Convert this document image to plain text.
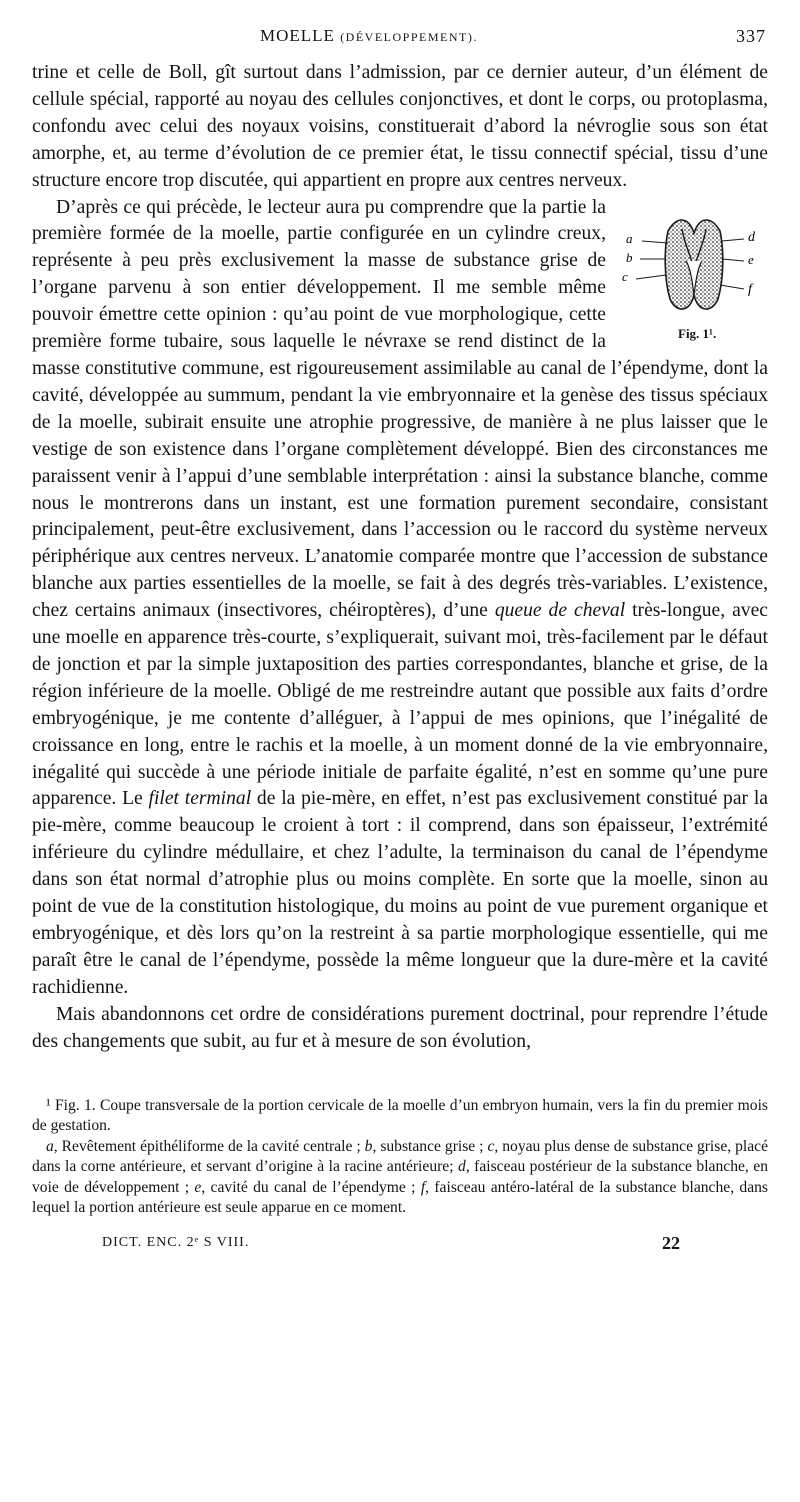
MOELLE (DÉVELOPPEMENT).	337

trine et celle de Boll, gît surtout dans l’admission, par ce dernier auteur, d’un élément de cellule spécial, rapporté au noyau des cellules conjonctives, et dont le corps, ou protoplasma, confondu avec celui des noyaux voisins, constituerait d’abord la névroglie sous son état amorphe, et, au terme d’évolution de ce premier état, le tissu connectif spécial, tissu d’une structure encore trop discutée, qui appartient en propre aux centres nerveux.

a
b
c
d
e
f
Fig. 1¹.

D’après ce qui précède, le lecteur aura pu comprendre que la partie la première formée de la moelle, partie configurée en un cylindre creux, représente à peu près exclusivement la masse de substance grise de l’organe parvenu à son entier développement. Il me semble même pouvoir émettre cette opinion : qu’au point de vue morphologique, cette première forme tubaire, sous laquelle le névraxe se rend distinct de la masse constitutive commune, est rigoureusement assimilable au canal de l’épendyme, dont la cavité, développée au summum, pendant la vie embryonnaire et la genèse des tissus spéciaux de la moelle, subirait ensuite une atrophie progressive, de manière à ne plus laisser que le vestige de son existence dans l’organe complètement développé. Bien des circonstances me paraissent venir à l’appui d’une semblable interprétation : ainsi la substance blanche, comme nous le montrerons dans un instant, est une formation purement secondaire, consistant principalement, peut-être exclusivement, dans l’accession ou le raccord du système nerveux périphérique aux centres nerveux. L’anatomie comparée montre que l’accession de substance blanche aux parties essentielles de la moelle, se fait à des degrés très-variables. L’existence, chez certains animaux (insectivores, chéiroptères), d’une queue de cheval très-longue, avec une moelle en apparence très-courte, s’expliquerait, suivant moi, très-facilement par le défaut de jonction et par la simple juxtaposition des parties correspondantes, blanche et grise, de la région inférieure de la moelle. Obligé de me restreindre autant que possible aux faits d’ordre embryogénique, je me contente d’alléguer, à l’appui de mes opinions, que l’inégalité de croissance en long, entre le rachis et la moelle, à un moment donné de la vie embryonnaire, inégalité qui succède à une période initiale de parfaite égalité, n’est en somme qu’une pure apparence. Le filet terminal de la pie-mère, en effet, n’est pas exclusivement constitué par la pie-mère, comme beaucoup le croient à tort : il comprend, dans son épaisseur, l’extrémité inférieure du cylindre médullaire, et chez l’adulte, la terminaison du canal de l’épendyme dans son état normal d’atrophie plus ou moins complète. En sorte que la moelle, sinon au point de vue de la constitution histologique, du moins au point de vue purement organique et embryogénique, et dès lors qu’on la restreint à sa partie morphologique essentielle, qui me paraît être le canal de l’épendyme, possède la même longueur que la dure-mère et la cavité rachidienne.

Mais abandonnons cet ordre de considérations purement doctrinal, pour reprendre l’étude des changements que subit, au fur et à mesure de son évolution,

¹ Fig. 1. Coupe transversale de la portion cervicale de la moelle d’un embryon humain, vers la fin du premier mois de gestation.

a, Revêtement épithéliforme de la cavité centrale ; b, substance grise ; c, noyau plus dense de substance grise, placé dans la corne antérieure, et servant d’origine à la racine antérieure; d, faisceau postérieur de la substance blanche, en voie de développement ; e, cavité du canal de l’épendyme ; f, faisceau antéro-latéral de la substance blanche, dans lequel la portion antérieure est seule apparue en ce moment.

DICT. ENC. 2ᵉ S VIII.	22
